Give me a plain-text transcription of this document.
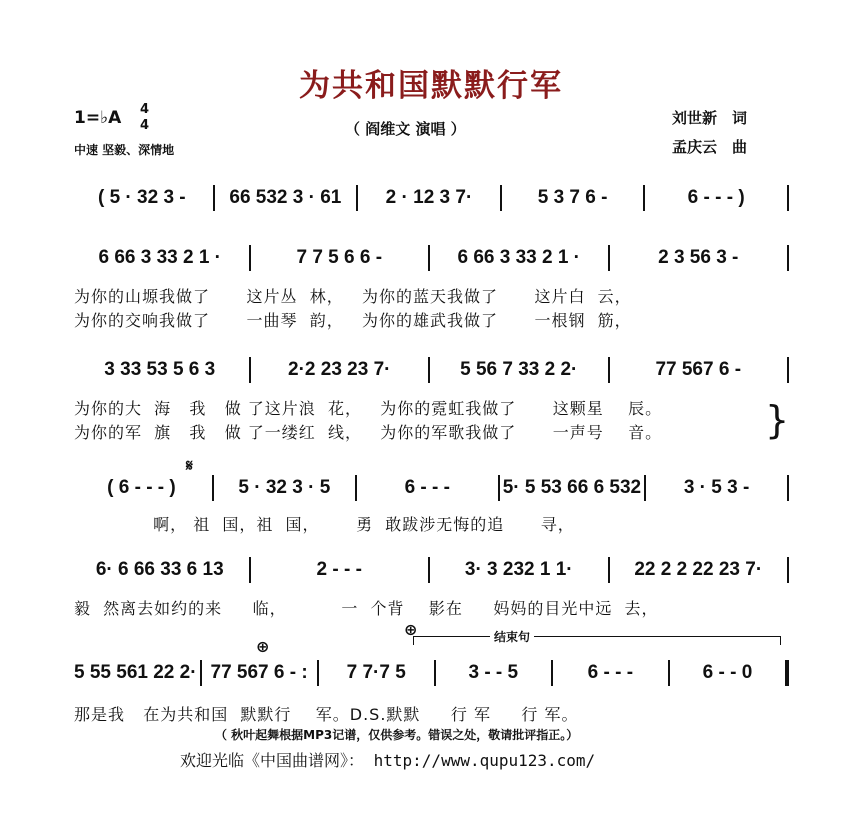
为共和国默默行军
1=♭A 4
4
中速 坚毅、深情地
（ 阎维文 演唱 ）
刘世新　词
孟庆云　曲
( 5 · 32 3 -	66 532 3 · 61	2 · 12 3 7·	5 3 7 6 -	6 - - - )
6 66 3 33 2 1 ·	7 7 5 6 6 -	6 66 3 33 2 1 ·	2 3 56 3 -
3 33 53 5 6 3	2·2 23 23 7·	5 56 7 33 2 2·	77 567 6 -
( 6 - - - )	5 · 32 3 · 5	6 - - -	5· 5 53 66 6 532	3 · 5 3 -
6· 6 66 33 6 13	2 - - -	3· 3 232 1 1·	22 2 2 22 23 7·
5 55 561 22 2· 77 567 6 - :	7 7·7 5	3 - - 5	6 - - -	6 - - 0
为你的山塬我做了      这片丛  林，   为你的蓝天我做了      这片白  云，
为你的交响我做了      一曲琴  韵，   为你的雄武我做了      一根钢  筋，
为你的大  海   我   做 了这片浪  花，   为你的霓虹我做了      这颗星    辰。
为你的军  旗   我   做 了一缕红  线，   为你的军歌我做了      一声号    音。	}
啊， 祖  国，祖  国，      勇  敢跋涉无悔的追      寻，
毅  然离去如约的来     临，         一  个背    影在     妈妈的目光中远  去，
那是我   在为共和国  默默行    军。D.S.默默     行 军     行 军。
𝄋
⊕
⊕	结束句
（ 秋叶起舞根据MP3记谱，仅供参考。错误之处，敬请批评指正。）
欢迎光临《中国曲谱网》： http://www.qupu123.com/
